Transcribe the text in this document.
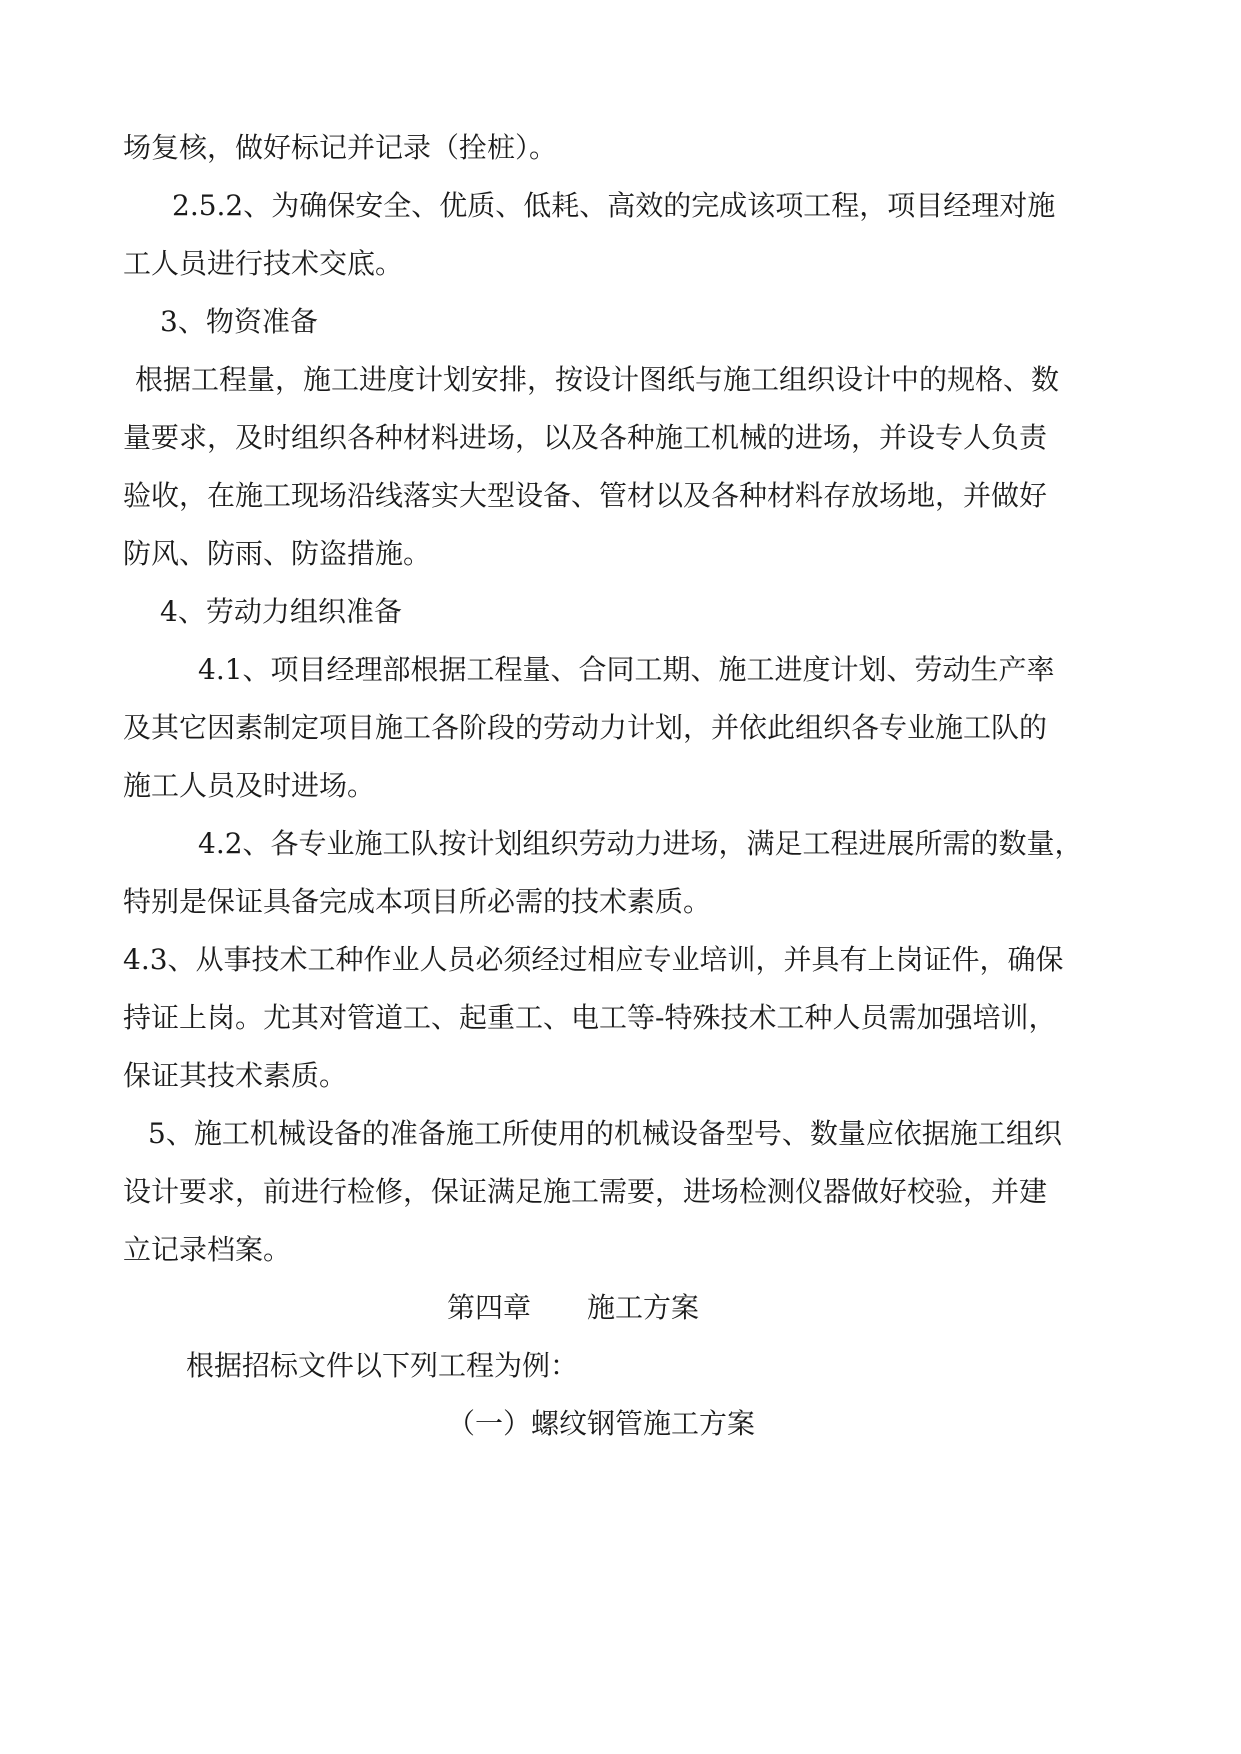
场复核，做好标记并记录（拴桩）。
2.5.2、为确保安全、优质、低耗、高效的完成该项工程，项目经理对施
工人员进行技术交底。
3、物资准备
根据工程量，施工进度计划安排，按设计图纸与施工组织设计中的规格、数
量要求，及时组织各种材料进场，以及各种施工机械的进场，并设专人负责
验收，在施工现场沿线落实大型设备、管材以及各种材料存放场地，并做好
防风、防雨、防盗措施。
4、劳动力组织准备
4.1、项目经理部根据工程量、合同工期、施工进度计划、劳动生产率
及其它因素制定项目施工各阶段的劳动力计划，并依此组织各专业施工队的
施工人员及时进场。
4.2、各专业施工队按计划组织劳动力进场，满足工程进展所需的数量，
特别是保证具备完成本项目所必需的技术素质。
4.3、从事技术工种作业人员必须经过相应专业培训，并具有上岗证件，确保
持证上岗。尤其对管道工、起重工、电工等-特殊技术工种人员需加强培训，
保证其技术素质。
5、施工机械设备的准备施工所使用的机械设备型号、数量应依据施工组织
设计要求，前进行检修，保证满足施工需要，进场检测仪器做好校验，并建
立记录档案。
第四章　　施工方案
根据招标文件以下列工程为例：
（一）螺纹钢管施工方案
